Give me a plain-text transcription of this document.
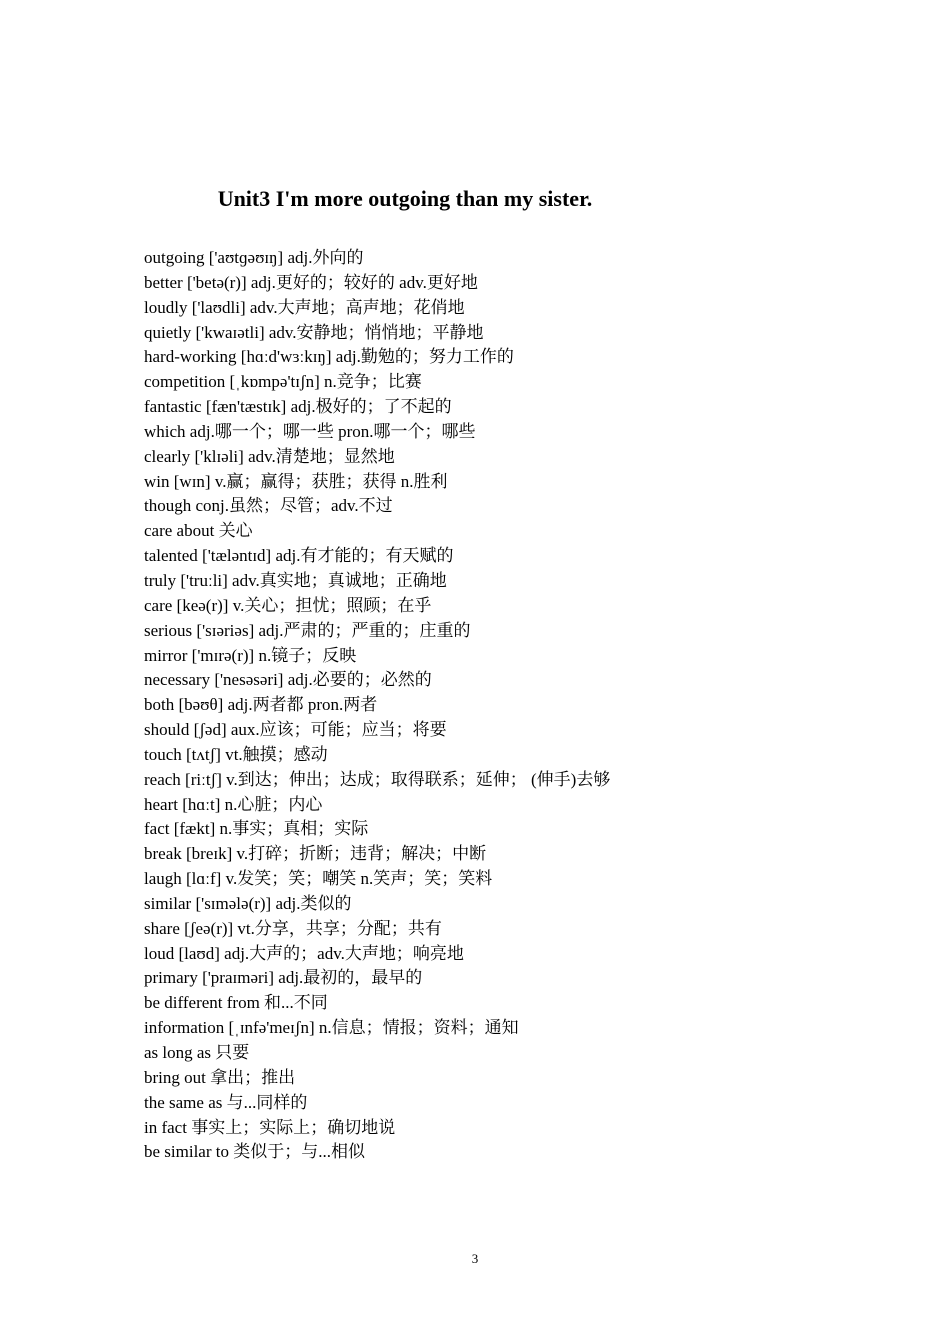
Unit3 I'm more outgoing than my sister.
outgoing ['aʊtɡəʊɪŋ] adj.外向的
better ['betə(r)] adj.更好的；较好的 adv.更好地
loudly ['laʊdli] adv.大声地；高声地；花俏地
quietly ['kwaɪətli] adv.安静地；悄悄地；平静地
hard-working [hɑːd'wɜːkɪŋ] adj.勤勉的；努力工作的
competition [ˌkɒmpə'tɪʃn] n.竞争；比赛
fantastic [fæn'tæstɪk] adj.极好的；了不起的
which adj.哪一个；哪一些 pron.哪一个；哪些
clearly ['klɪəli] adv.清楚地；显然地
win [wɪn] v.赢；赢得；获胜；获得 n.胜利
though conj.虽然；尽管；adv.不过
care about 关心
talented ['tæləntɪd] adj.有才能的；有天赋的
truly ['truːli] adv.真实地；真诚地；正确地
care [keə(r)] v.关心；担忧；照顾；在乎
serious ['sɪəriəs] adj.严肃的；严重的；庄重的
mirror ['mɪrə(r)] n.镜子；反映
necessary ['nesəsəri] adj.必要的；必然的
both [bəʊθ] adj.两者都 pron.两者
should [ʃəd] aux.应该；可能；应当；将要
touch [tʌtʃ] vt.触摸；感动
reach [riːtʃ] v.到达；伸出；达成；取得联系；延伸； (伸手)去够
heart [hɑːt] n.心脏；内心
fact [fækt] n.事实；真相；实际
break [breɪk] v.打碎；折断；违背；解决；中断
laugh [lɑːf] v.发笑；笑；嘲笑 n.笑声；笑；笑料
similar ['sɪmələ(r)] adj.类似的
share [ʃeə(r)] vt.分享，共享；分配；共有
loud [laʊd] adj.大声的；adv.大声地；响亮地
primary ['praɪməri] adj.最初的，最早的
be different from 和...不同
information [ˌɪnfə'meɪʃn] n.信息；情报；资料；通知
as long as 只要
bring out 拿出；推出
the same as 与...同样的
in fact 事实上；实际上；确切地说
be similar to 类似于；与...相似
3
